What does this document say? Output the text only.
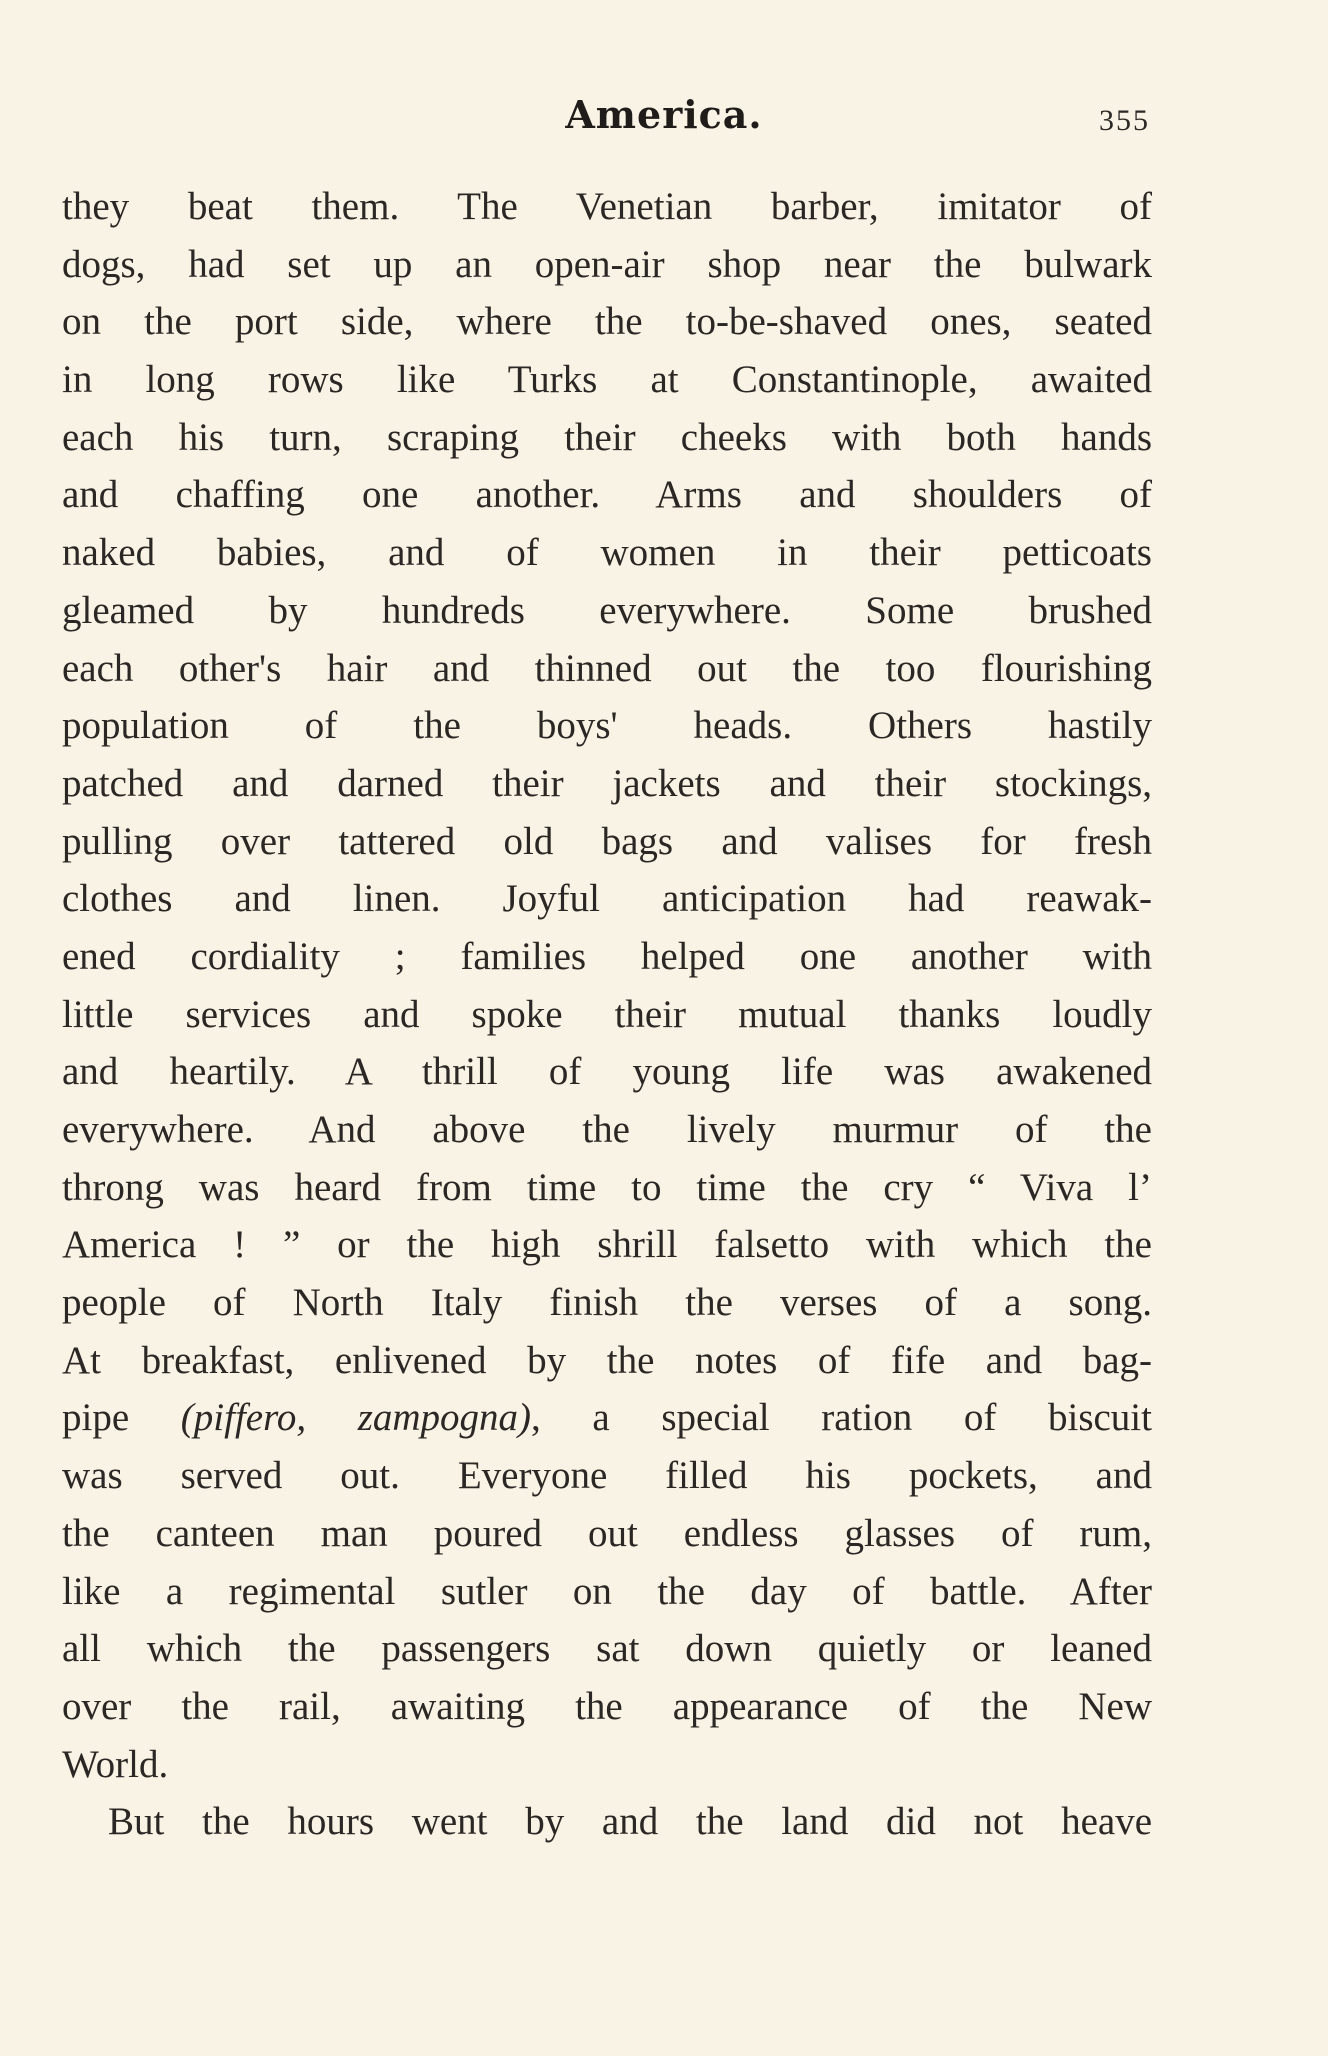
America.	355
they beat them. The Venetian barber, imitator of
dogs, had set up an open-air shop near the bulwark
on the port side, where the to-be-shaved ones, seated
in long rows like Turks at Constantinople, awaited
each his turn, scraping their cheeks with both hands
and chaffing one another. Arms and shoulders of
naked babies, and of women in their petticoats
gleamed by hundreds everywhere. Some brushed
each other's hair and thinned out the too flourishing
population of the boys' heads. Others hastily
patched and darned their jackets and their stockings,
pulling over tattered old bags and valises for fresh
clothes and linen. Joyful anticipation had reawak-
ened cordiality ; families helped one another with
little services and spoke their mutual thanks loudly
and heartily. A thrill of young life was awakened
everywhere. And above the lively murmur of the
throng was heard from time to time the cry “ Viva l’
America ! ” or the high shrill falsetto with which the
people of North Italy finish the verses of a song.
At breakfast, enlivened by the notes of fife and bag-
pipe (piffero, zampogna), a special ration of biscuit
was served out. Everyone filled his pockets, and
the canteen man poured out endless glasses of rum,
like a regimental sutler on the day of battle. After
all which the passengers sat down quietly or leaned
over the rail, awaiting the appearance of the New
World.
But the hours went by and the land did not heave
